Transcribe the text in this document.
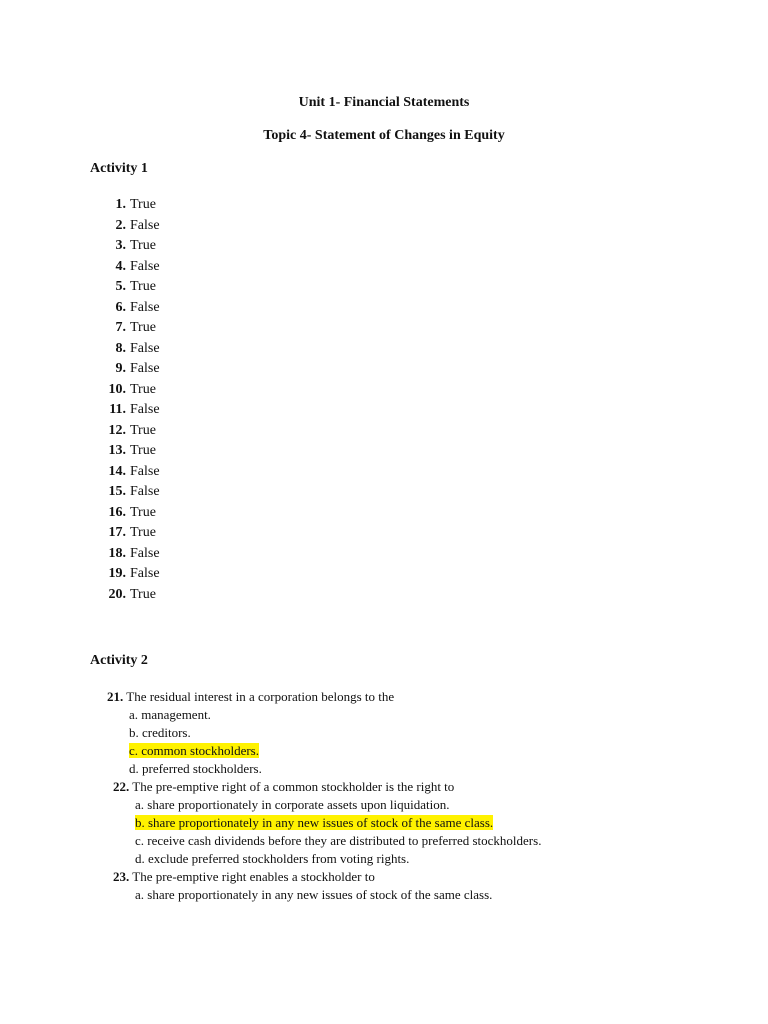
Unit 1- Financial Statements
Topic 4- Statement of Changes in Equity
Activity 1
1. True
2. False
3. True
4. False
5. True
6. False
7. True
8. False
9. False
10. True
11. False
12. True
13. True
14. False
15. False
16. True
17. True
18. False
19. False
20. True
Activity 2
21. The residual interest in a corporation belongs to the
a. management.
b. creditors.
c. common stockholders.
d. preferred stockholders.
22. The pre-emptive right of a common stockholder is the right to
a. share proportionately in corporate assets upon liquidation.
b. share proportionately in any new issues of stock of the same class.
c. receive cash dividends before they are distributed to preferred stockholders.
d. exclude preferred stockholders from voting rights.
23. The pre-emptive right enables a stockholder to
a. share proportionately in any new issues of stock of the same class.
